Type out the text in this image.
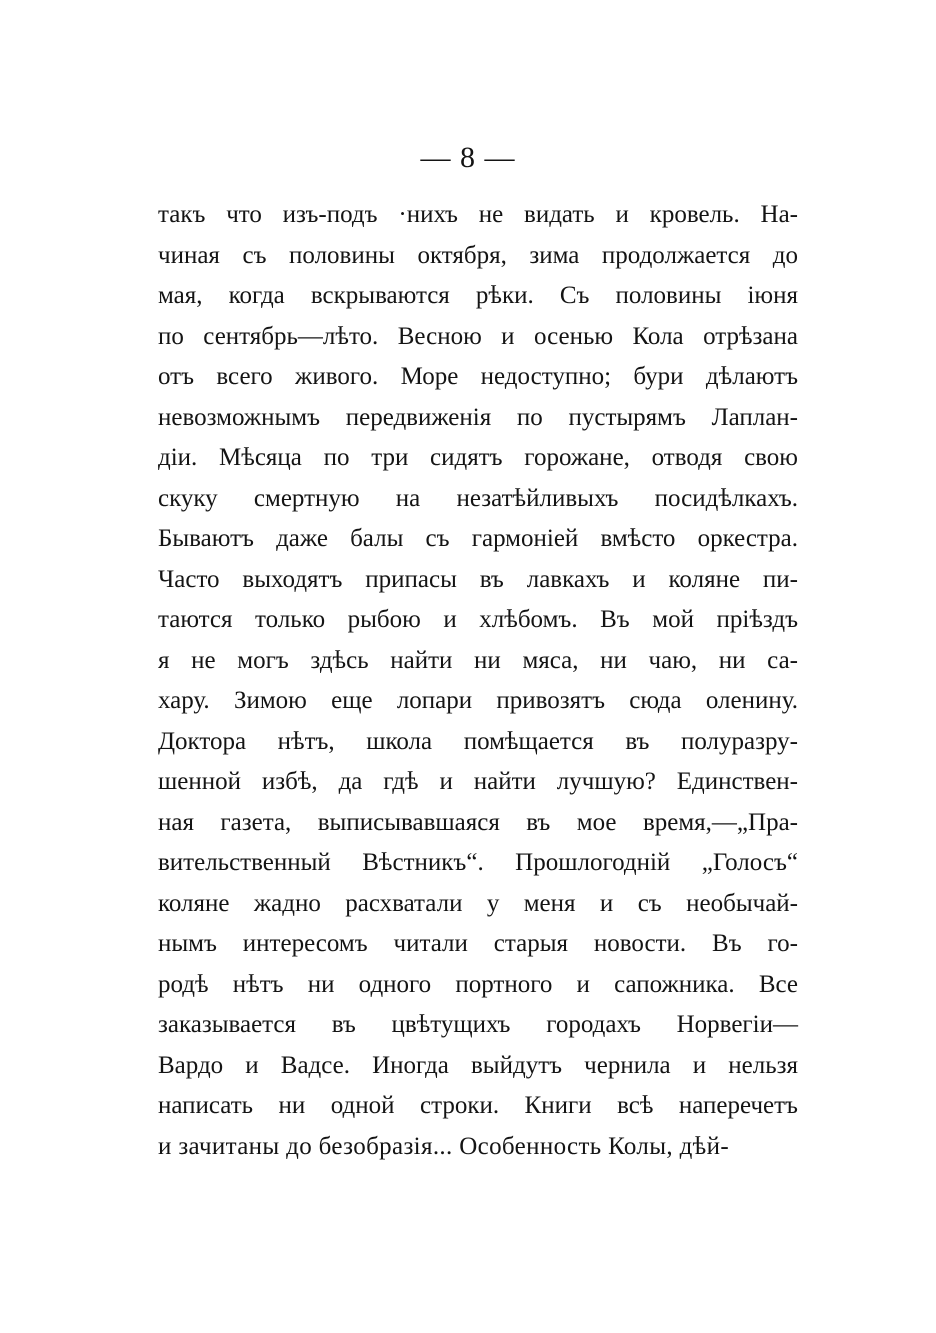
— 8 —
такъ что изъ-подъ ·нихъ не видать и кровель. На-
чиная съ половины октября, зима продолжается до
мая, когда вскрываются рѣки. Съ половины іюня
по сентябрь—лѣто. Весною и осенью Кола отрѣзана
отъ всего живого. Море недоступно; бури дѣлаютъ
невозможнымъ передвиженія по пустырямъ Лаплан-
діи. Мѣсяца по три сидятъ горожане, отводя свою
скуку смертную на незатѣйливыхъ посидѣлкахъ.
Бываютъ даже балы съ гармоніей вмѣсто оркестра.
Часто выходятъ припасы въ лавкахъ и коляне пи-
таются только рыбою и хлѣбомъ. Въ мой пріѣздъ
я не могъ здѣсь найти ни мяса, ни чаю, ни са-
хару. Зимою еще лопари привозятъ сюда оленину.
Доктора нѣтъ, школа помѣщается въ полуразру-
шенной избѣ, да гдѣ и найти лучшую? Единствен-
ная газета, выписывавшаяся въ мое время,—„Пра-
вительственный Вѣстникъ“. Прошлогодній „Голосъ“
коляне жадно расхватали у меня и съ необычай-
нымъ интересомъ читали старыя новости. Въ го-
родѣ нѣтъ ни одного портного и сапожника. Все
заказывается въ цвѣтущихъ городахъ Норвегіи—
Вардо и Вадсе. Иногда выйдутъ чернила и нельзя
написать ни одной строки. Книги всѣ наперечетъ
и зачитаны до безобразія... Особенность Колы, дѣй-
